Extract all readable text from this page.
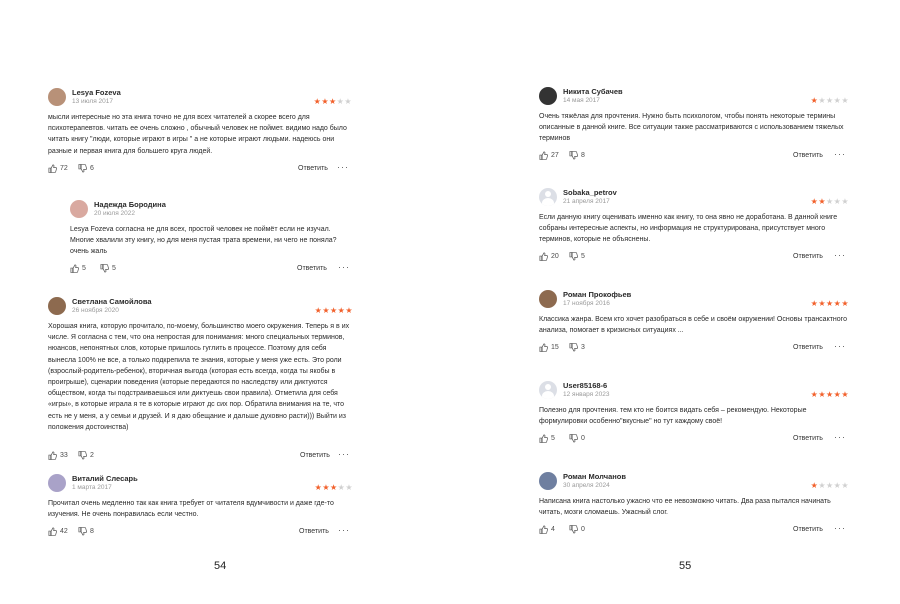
Lesya Fozeva
13 июля 2017	★★★★★
мысли интересные но эта книга точно не для всех читателей а скорее всего для психотерапевтов. читать ее очень сложно , обычный человек не поймет. видимо надо было читать книгу "люди, которые играют в игры " а не которые играют людьми. надеюсь они разные и первая книга для большего круга людей.
72	6	Ответить ···
Надежда Бородина
20 июля 2022
Lesya Fozeva согласна не для всех, простой человек не поймёт если не изучал. Многие хвалили эту книгу, но для меня пустая трата времени, ни чего не поняла?очень жаль
5	5	Ответить ···
Светлана Самойлова
26 ноября 2020	★★★★★
Хорошая книга, которую прочитало, по-моему, большинство моего окружения. Теперь я в их числе. Я согласна с тем, что она непростая для понимания: много специальных терминов, нюансов, непонятных слов, которые пришлось гуглить в процессе. Поэтому для себя вынесла 100% не все, а только подкрепила те знания, которые у меня уже есть. Это роли (взрослый-родитель-ребенок), вторичная выгода (которая есть всегда, когда ты якобы в проигрыше), сценарии поведения (которые передаются по наследству или диктуются обществом, когда ты подстраиваешься или диктуешь свои правила). Отметила для себя «игры», в которые играла я те в которые играют дс сих пор. Обратила внимания на те, что есть не у меня, а у семьи и друзей. И я даю обещание и дальше духовно расти))) Выйти из положения достоинства)
33	2	Ответить ···
Виталий Слесарь
1 марта 2017	★★★★★
Прочитал очень медленно так как книга требует от читателя вдумчивости и даже где-то изучения. Не очень понравилась если честно.
42	8	Ответить ···
54
Никита Субачев
14 мая 2017	★★★★★
Очень тяжёлая для прочтения. Нужно быть психологом, чтобы понять некоторые термины описанные в данной книге. Все ситуации также рассматриваются с использованием тяжелых терминов
27	8	Ответить ···
Sobaka_petrov
21 апреля 2017	★★★★★
Если данную книгу оценивать именно как книгу, то она явно не доработана. В данной книге собраны интересные аспекты, но информация не структурирована, присутствует много терминов, которые не объяснены.
20	5	Ответить ···
Роман Прокофьев
17 ноября 2016	★★★★★
Классика жанра. Всем кто хочет разобраться в себе и своём окружении! Основы трансактного анализа, помогает в кризисных ситуациях ...
15	3	Ответить ···
User85168-6
12 января 2023	★★★★★
Полезно для прочтения. тем кто не боится видать себя – рекомендую. Некоторые формулировки особенно"вкусные" но тут каждому своё!
5	0	Ответить ···
Роман Молчанов
30 апреля 2024	★★★★★
Написана книга настолько ужасно что ее невозможно читать. Два раза пытался начинать читать, мозги сломаешь. Ужасный слог.
4	0	Ответить ···
55
